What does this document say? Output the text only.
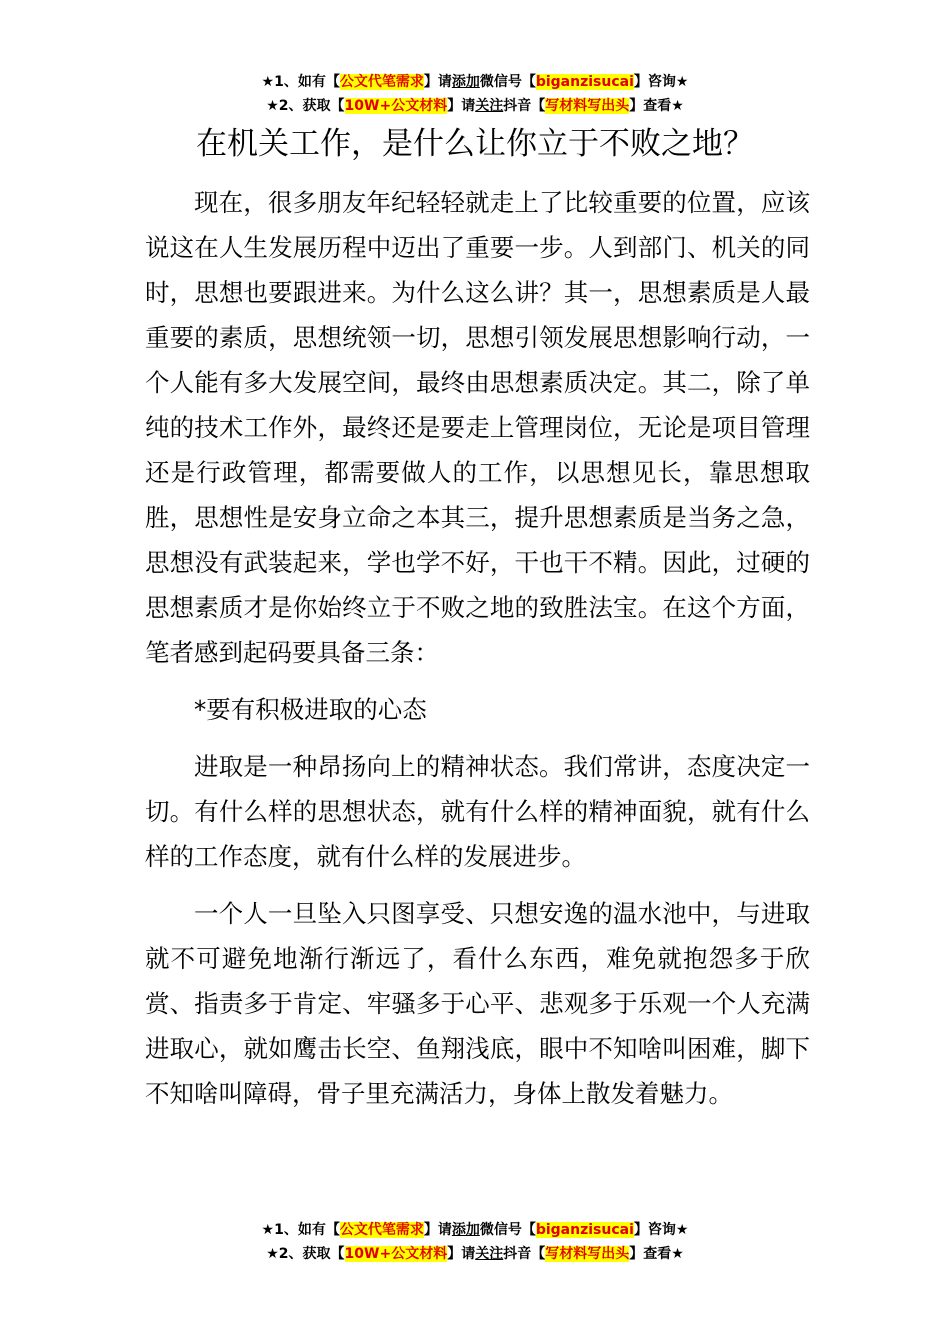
★1、如有【公文代笔需求】请添加微信号【biganzisucai】咨询★
★2、获取【10W+公文材料】请关注抖音【写材料写出头】查看★
在机关工作，是什么让你立于不败之地？

现在，很多朋友年纪轻轻就走上了比较重要的位置，应该说这在人生发展历程中迈出了重要一步。人到部门、机关的同时，思想也要跟进来。为什么这么讲？其一，思想素质是人最重要的素质，思想统领一切，思想引领发展思想影响行动，一个人能有多大发展空间，最终由思想素质决定。其二，除了单纯的技术工作外，最终还是要走上管理岗位，无论是项目管理还是行政管理，都需要做人的工作，以思想见长，靠思想取胜，思想性是安身立命之本其三，提升思想素质是当务之急，思想没有武装起来，学也学不好，干也干不精。因此，过硬的思想素质才是你始终立于不败之地的致胜法宝。在这个方面，笔者感到起码要具备三条：

*要有积极进取的心态

进取是一种昂扬向上的精神状态。我们常讲，态度决定一切。有什么样的思想状态，就有什么样的精神面貌，就有什么样的工作态度，就有什么样的发展进步。

一个人一旦坠入只图享受、只想安逸的温水池中，与进取就不可避免地渐行渐远了，看什么东西，难免就抱怨多于欣赏、指责多于肯定、牢骚多于心平、悲观多于乐观一个人充满进取心，就如鹰击长空、鱼翔浅底，眼中不知啥叫困难，脚下不知啥叫障碍，骨子里充满活力，身体上散发着魅力。

★1、如有【公文代笔需求】请添加微信号【biganzisucai】咨询★
★2、获取【10W+公文材料】请关注抖音【写材料写出头】查看★
